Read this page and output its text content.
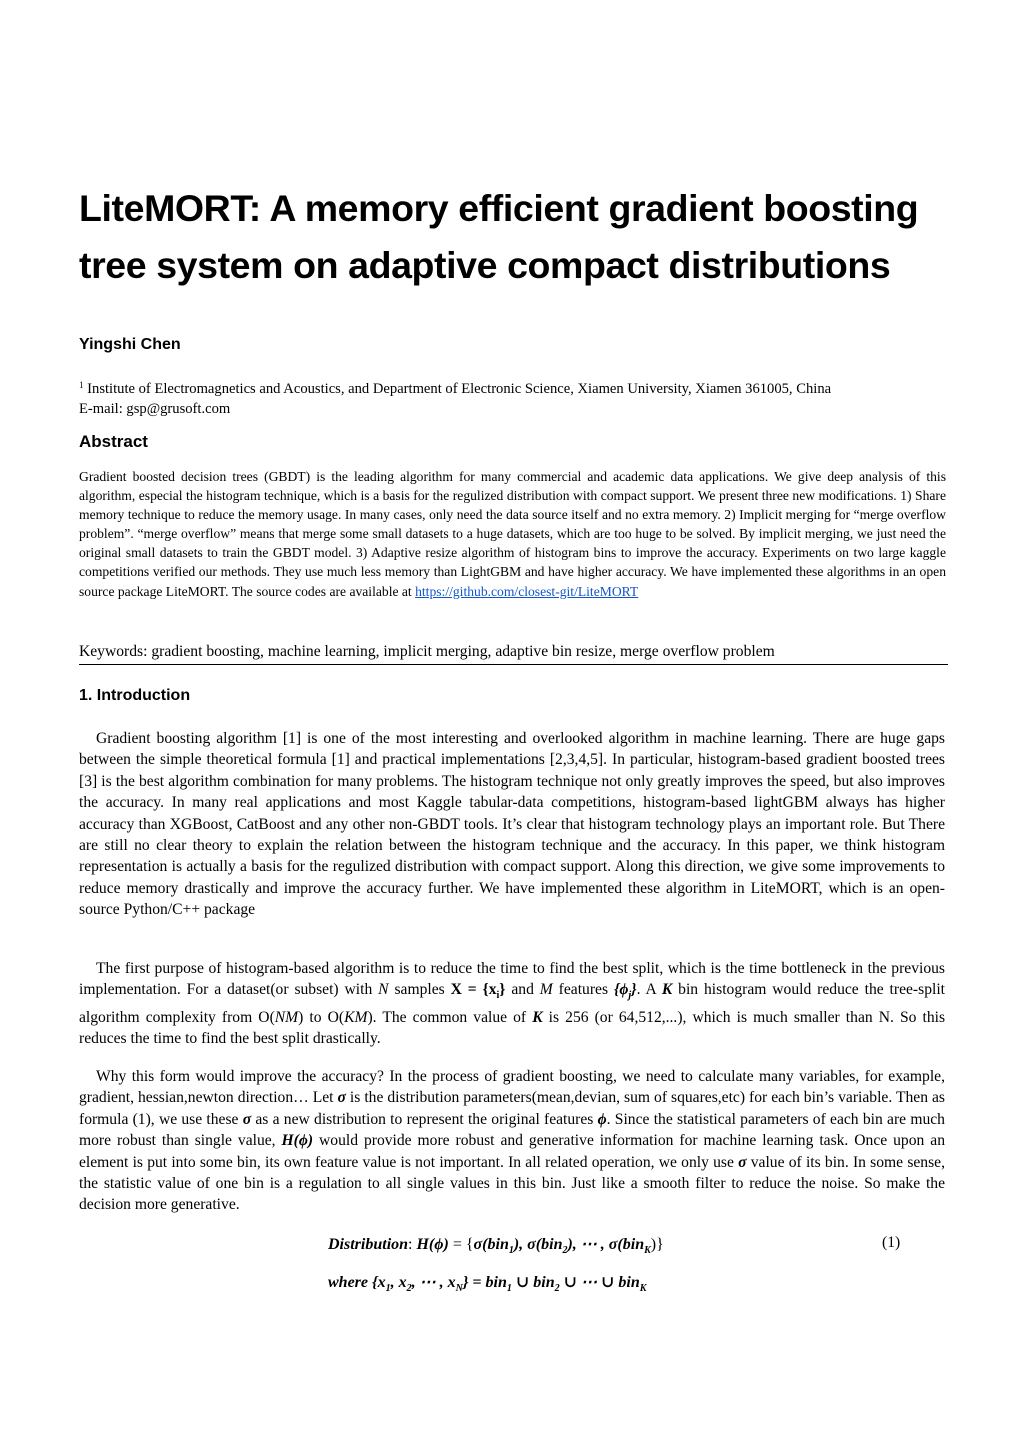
LiteMORT: A memory efficient gradient boosting
tree system on adaptive compact distributions

Yingshi Chen

$^1$ Institute of Electromagnetics and Acoustics, and Department of Electronic Science, Xiamen University, Xiamen 361005, China
E-mail: gsp@grusoft.com

Abstract

Gradient boosted decision trees (GBDT) is the leading algorithm for many commercial and academic data applications. We give deep analysis of this algorithm, especial the histogram technique, which is a basis for the regulized distribution with compact support. We present three new modifications. 1) Share memory technique to reduce the memory usage. In many cases, only need the data source itself and no extra memory. 2) Implicit merging for “merge overflow problem”. “merge overflow” means that merge some small datasets to a huge datasets, which are too huge to be solved. By implicit merging, we just need the original small datasets to train the GBDT model. 3) Adaptive resize algorithm of histogram bins to improve the accuracy. Experiments on two large kaggle competitions verified our methods. They use much less memory than LightGBM and have higher accuracy. We have implemented these algorithms in an open source package LiteMORT. The source codes are available at https://github.com/closest-git/LiteMORT

Keywords: gradient boosting, machine learning, implicit merging, adaptive bin resize, merge overflow problem

1. Introduction

Gradient boosting algorithm [1] is one of the most interesting and overlooked algorithm in machine learning. There are huge gaps between the simple theoretical formula [1] and practical implementations [2,3,4,5]. In particular, histogram-based gradient boosted trees [3] is the best algorithm combination for many problems. The histogram technique not only greatly improves the speed, but also improves the accuracy. In many real applications and most Kaggle tabular-data competitions, histogram-based lightGBM always has higher accuracy than XGBoost, CatBoost and any other non-GBDT tools. It’s clear that histogram technology plays an important role. But There are still no clear theory to explain the relation between the histogram technique and the accuracy. In this paper, we think histogram representation is actually a basis for the regulized distribution with compact support. Along this direction, we give some improvements to reduce memory drastically and improve the accuracy further. We have implemented these algorithm in LiteMORT, which is an open-source Python/C++ package

The first purpose of histogram-based algorithm is to reduce the time to find the best split, which is the time bottleneck in the previous implementation. For a dataset(or subset) with N samples $X = \{x_i\}$ and M features $\{\phi_j\}$. A K bin histogram would reduce the tree-split algorithm complexity from O(NM) to O(KM). The common value of K is 256 (or 64,512,...), which is much smaller than N. So this reduces the time to find the best split drastically.

Why this form would improve the accuracy? In the process of gradient boosting, we need to calculate many variables, for example, gradient, hessian,newton direction… Let σ is the distribution parameters(mean,devian, sum of squares,etc) for each bin’s variable. Then as formula (1), we use these σ as a new distribution to represent the original features ϕ. Since the statistical parameters of each bin are much more robust than single value, H(ϕ) would provide more robust and generative information for machine learning task. Once upon an element is put into some bin, its own feature value is not important. In all related operation, we only use σ value of its bin. In some sense, the statistic value of one bin is a regulation to all single values in this bin. Just like a smooth filter to reduce the noise. So make the decision more generative.

Distribution: H(ϕ) = {σ(bin$_1$), σ(bin$_2$), ⋯ , σ(bin$_K$)}	(1)
where {$x_1$, $x_2$, ⋯ , $x_N\} = bin_1$ ∪ bin$_2$ ∪ ⋯ ∪ bin$_K$
